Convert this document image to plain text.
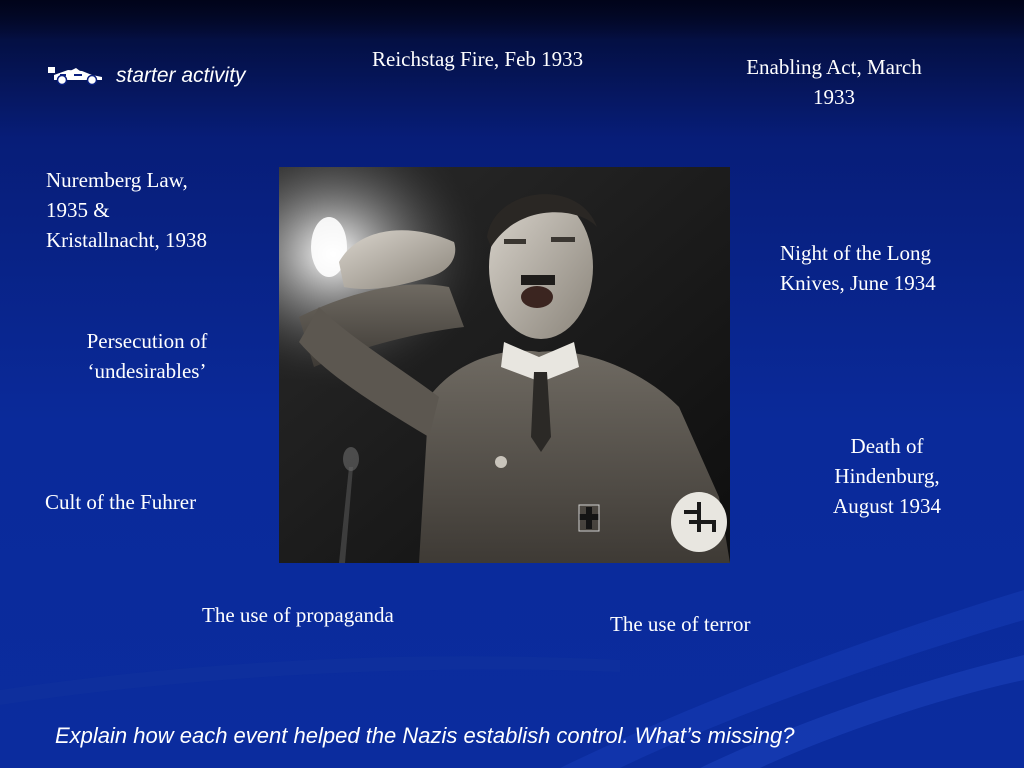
starter activity
Reichstag Fire, Feb 1933	Enabling Act, March
1933
Nuremberg Law,
1935 &
Kristallnacht, 1938
Night of the Long
Knives, June 1934
Persecution of
‘undesirables’
Death of
Hindenburg,
August 1934
Cult of the Fuhrer
The use of propaganda	The use of terror
Explain how each event helped the Nazis establish control. What’s missing?
